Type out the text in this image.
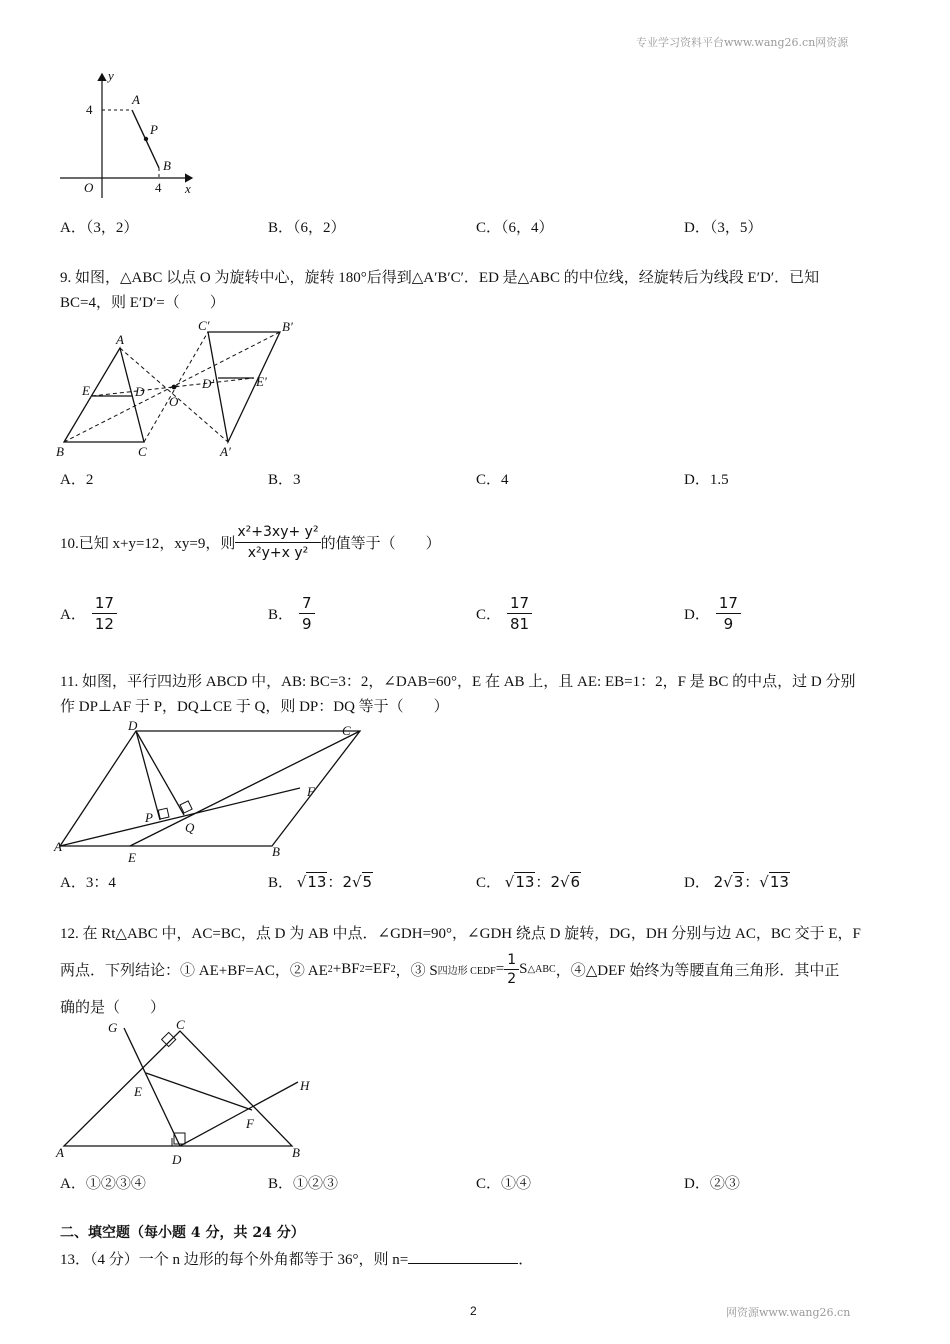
专业学习资料平台www.wang26.cn网资源
y
x
A
P
B
O
4
4
A．（3，2）	B．（6，2）	C．（6，4）	D．（3，5）
9. 如图，△ABC 以点 O 为旋转中心，旋转 180°后得到△A′B′C′．ED 是△ABC 的中位线，经旋转后为线段 E′D′．已知
BC=4，则 E′D′=（　　）
A
E	D
B	C
O
C′	B′
D′	E′
A′
A．2	B．3	C．4	D．1.5
10.已知 x+y=12，xy=9，则 $\frac{\text{x²+3xy+ y²}}{\text{x²y+x y²}}$ 的值等于（　　）
A． $\frac{17}{12}$	B． $\frac{7}{9}$	C． $\frac{17}{81}$	D． $\frac{17}{9}$
11. 如图，平行四边形 ABCD 中，AB: BC=3：2，∠DAB=60°，E 在 AB 上，且 AE: EB=1：2，F 是 BC 的中点，过 D 分别
作 DP⊥AF 于 P，DQ⊥CE 于 Q，则 DP：DQ 等于（　　）
D	C
F
P
Q
A
E	B
A．3：4	B． √13：2√5	C． √13：2√6	D． 2√3：√13
12. 在 Rt△ABC 中，AC=BC，点 D 为 AB 中点．∠GDH=90°，∠GDH 绕点 D 旋转，DG，DH 分别与边 AC，BC 交于 E，F
两点．下列结论：① AE+BF=AC，② AE 2 +BF 2 =EF 2 ，③ S 四边形 CEDF = $\frac{1}{2}$ S △ABC ，④△DEF 始终为等腰直角三角形．其中正
确的是（　　）
G	C
E	H
F
A	D	B
A．①②③④	B．①②③	C．①④	D．②③
二、填空题（每小题 4 分，共 24 分）
13．（4 分）一个 n 边形的每个外角都等于 36°，则 n=	．
2	网资源www.wang26.cn
